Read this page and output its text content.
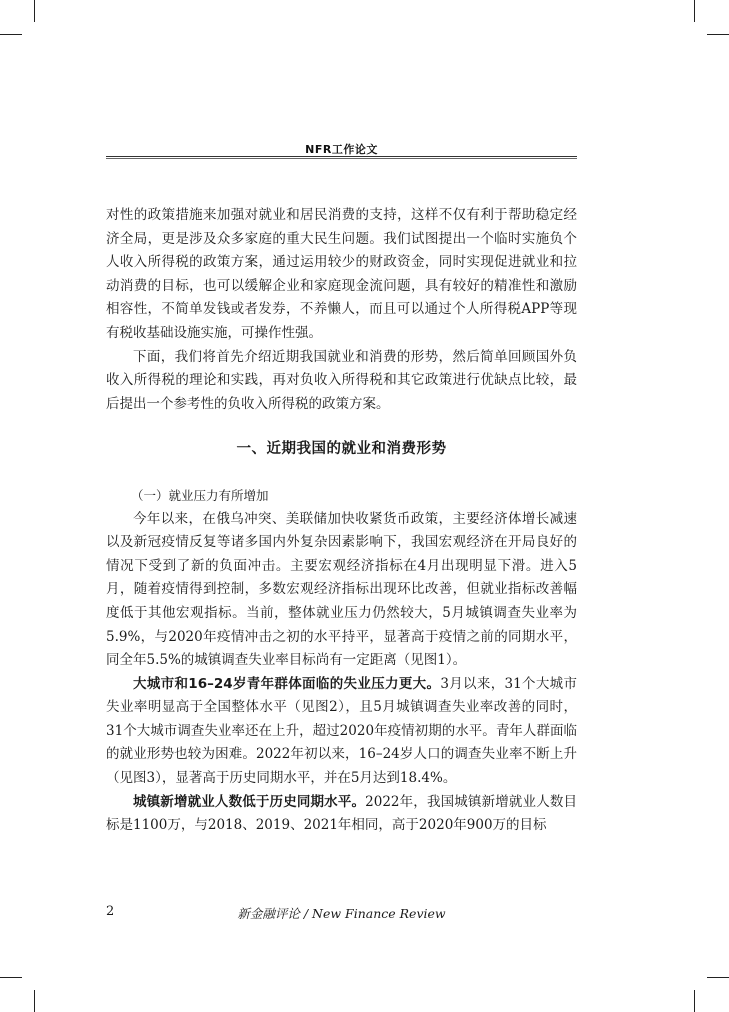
NFR工作论文

对性的政策措施来加强对就业和居民消费的支持，这样不仅有利于帮助稳定经济全局，更是涉及众多家庭的重大民生问题。我们试图提出一个临时实施负个人收入所得税的政策方案，通过运用较少的财政资金，同时实现促进就业和拉动消费的目标，也可以缓解企业和家庭现金流问题，具有较好的精准性和激励相容性，不简单发钱或者发券，不养懒人，而且可以通过个人所得税APP等现有税收基础设施实施，可操作性强。

下面，我们将首先介绍近期我国就业和消费的形势，然后简单回顾国外负收入所得税的理论和实践，再对负收入所得税和其它政策进行优缺点比较，最后提出一个参考性的负收入所得税的政策方案。

一、近期我国的就业和消费形势

（一）就业压力有所增加

今年以来，在俄乌冲突、美联储加快收紧货币政策，主要经济体增长减速以及新冠疫情反复等诸多国内外复杂因素影响下，我国宏观经济在开局良好的情况下受到了新的负面冲击。主要宏观经济指标在4月出现明显下滑。进入5月，随着疫情得到控制，多数宏观经济指标出现环比改善，但就业指标改善幅度低于其他宏观指标。当前，整体就业压力仍然较大，5月城镇调查失业率为5.9%，与2020年疫情冲击之初的水平持平，显著高于疫情之前的同期水平，同全年5.5%的城镇调查失业率目标尚有一定距离（见图1）。

大城市和16–24岁青年群体面临的失业压力更大。3月以来，31个大城市失业率明显高于全国整体水平（见图2），且5月城镇调查失业率改善的同时，31个大城市调查失业率还在上升，超过2020年疫情初期的水平。青年人群面临的就业形势也较为困难。2022年初以来，16–24岁人口的调查失业率不断上升（见图3），显著高于历史同期水平，并在5月达到18.4%。

城镇新增就业人数低于历史同期水平。2022年，我国城镇新增就业人数目标是1100万，与2018、2019、2021年相同，高于2020年900万的目标

2	新金融评论 / New Finance Review
